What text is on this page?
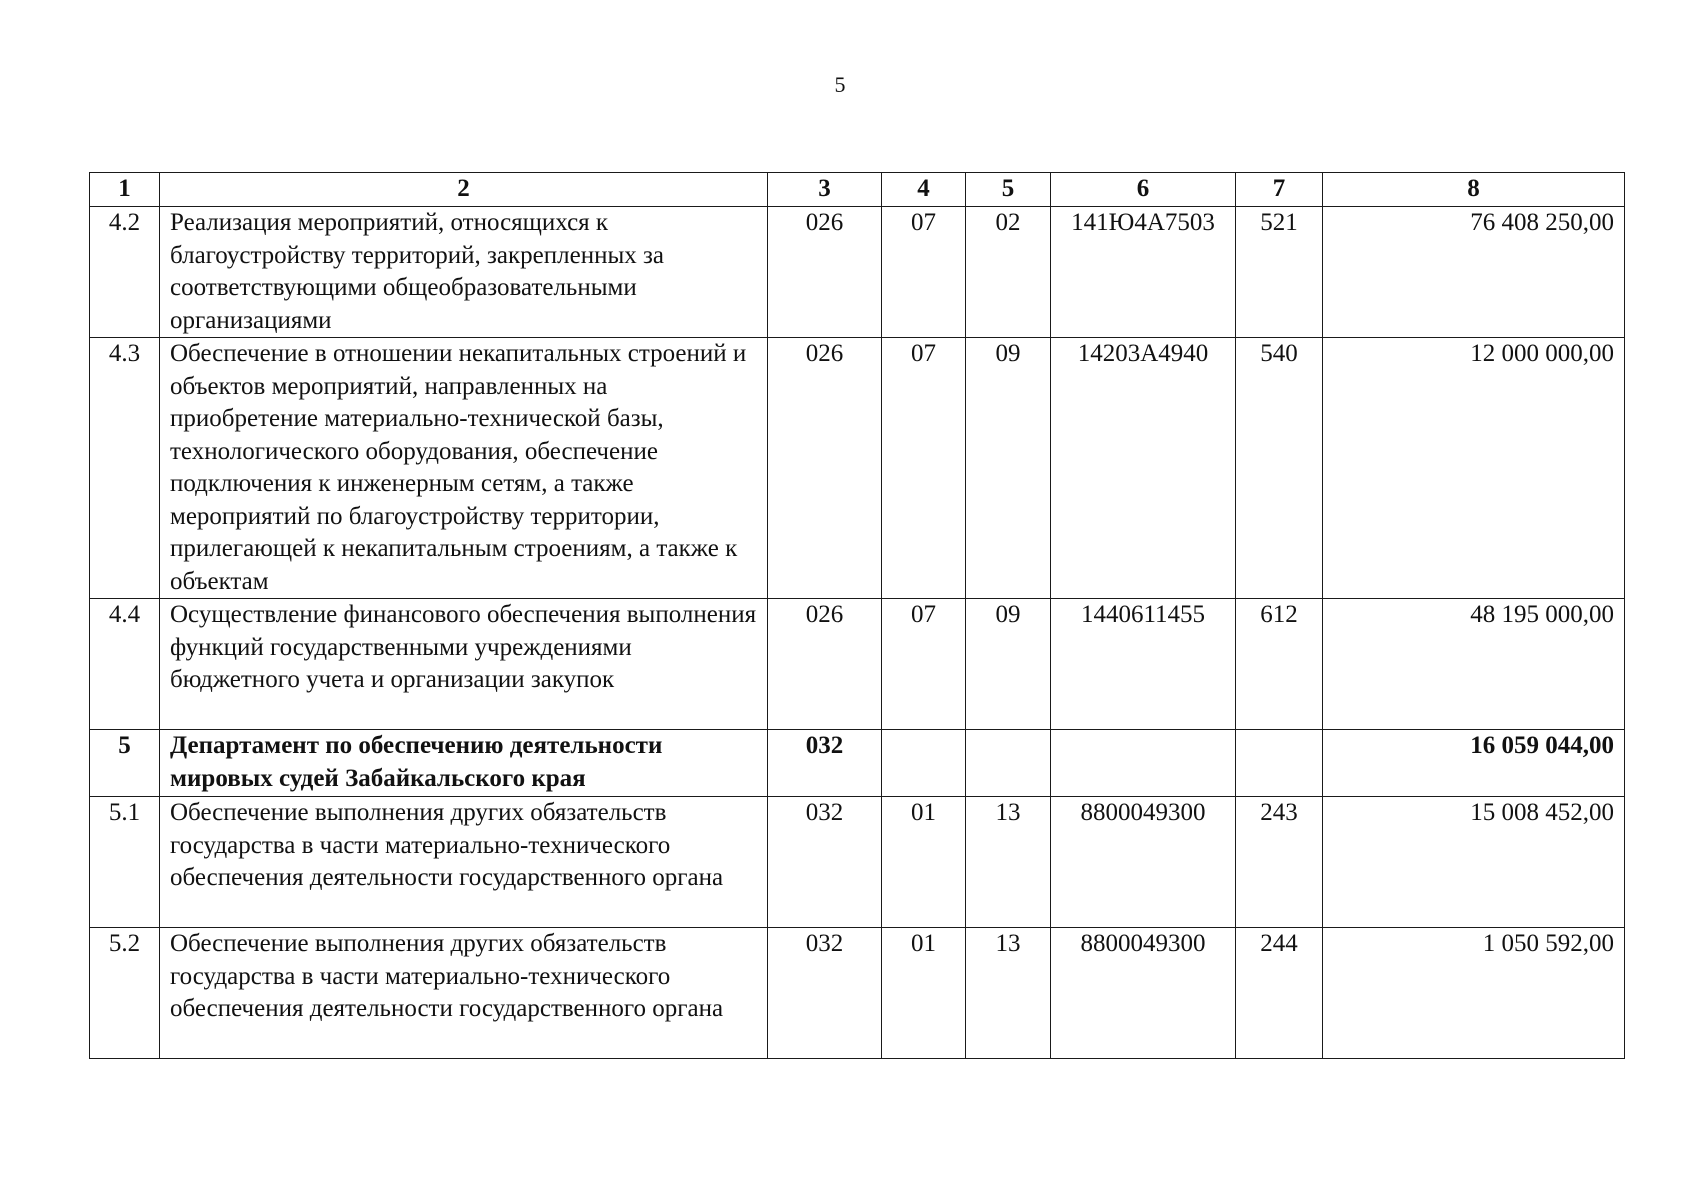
5
1	2	3	4	5	6	7	8
4.2	Реализация мероприятий, относящихся к благоустройству территорий, закрепленных за соответствующими общеобразовательными организациями	026	07	02	141Ю4А7503	521	76 408 250,00
4.3	Обеспечение в отношении некапитальных строений и объектов мероприятий, направленных на приобретение материально-технической базы, технологического оборудования, обеспечение подключения к инженерным сетям, а также мероприятий по благоустройству территории, прилегающей к некапитальным строениям, а также к объектам	026	07	09	14203А4940	540	12 000 000,00
4.4	Осуществление финансового обеспечения выполнения функций государственными учреждениями бюджетного учета и организации закупок	026	07	09	1440611455	612	48 195 000,00
5	Департамент по обеспечению деятельности мировых судей Забайкальского края	032					16 059 044,00
5.1	Обеспечение выполнения других обязательств государства в части материально-технического обеспечения деятельности государственного органа	032	01	13	8800049300	243	15 008 452,00
5.2	Обеспечение выполнения других обязательств государства в части материально-технического обеспечения деятельности государственного органа	032	01	13	8800049300	244	1 050 592,00
